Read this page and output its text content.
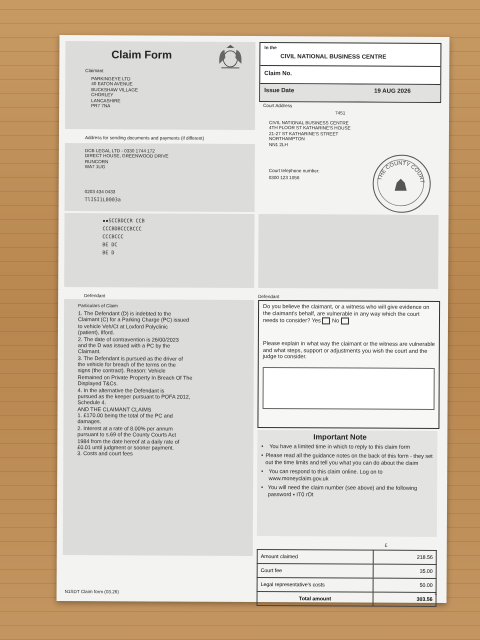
Claim Form
Claimant
PARKINGEYE LTD
40 EATON AVENUE
BUCKSHAW VILLAGE
CHORLEY
LANCASHIRE
PR7 7NA
Address for sending documents and payments (if different)
DCB LEGAL LTD - 0330 1744 172
DIRECT HOUSE, GREENWOOD DRIVE
RUNCORN
WA7 1UG
0203 434 0433
TlISI1L0003a
▪▪SCCBDCCR CCB
CCCBDBCCCBCCC
CCCBCCC
BE DC
BE D
In the
CIVIL NATIONAL BUSINESS CENTRE
Claim No.
Issue Date	19 AUG 2026
Court Address
7451
CIVIL NATIONAL BUSINESS CENTRE
4TH FLOOR ST KATHARINE'S HOUSE
21-27 ST KATHARINE'S STREET
NORTHAMPTON
NN1 2LH
Court telephone number:
0300 123 1056	THE COUNTY COURT
Defendant
Particulars of Claim
1. The Defendant (D) is indebted to the
Claimant (C) for a Parking Charge (PC) issued
to vehicle Veh/Ct at Loxford Polyclinic
(patient), Ilford.
2. The date of contravention is 26/00/2023
and the D was issued with a PC by the
Claimant.
3. The Defendant is pursued as the driver of
the vehicle for breach of the terms on the
signs (the contract). Reason: Vehicle
Remained on Private Property In Breach Of The
Displayed T&Cs.
4. In the alternative the Defendant is
pursued as the keeper pursuant to POFA 2012,
Schedule 4.
AND THE CLAIMANT CLAIMS
1. £170.00 being the total of the PC and
damages.
2. Interest at a rate of 8.00% per annum
pursuant to s.69 of the County Courts Act
1984 from the date hereof at a daily rate of
£0.01 until judgment or sooner payment.
3. Costs and court fees
Defendant
Do you believe the claimant, or a witness who will give evidence on the claimant's behalf, are vulnerable in any way which the court needs to consider? Yes No
Please explain in what way the claimant or the witness are vulnerable and what steps, support or adjustments you wish the court and the judge to consider.
Important Note
•	You have a limited time in which to reply to this claim form
• Please read all the guidance notes on the back of this form - they set out the time limits and tell you what you can do about the claim
•	You can respond to this claim online. Log on to www.moneyclaim.gov.uk
• You will need the claim number (see above) and the following password ▪ IT0 rOt
£
Amount claimed	218.56
Court fee	35.00
Legal representative's costs	50.00
Total amount	303.56
N1SDT Claim form (03.26)	1
